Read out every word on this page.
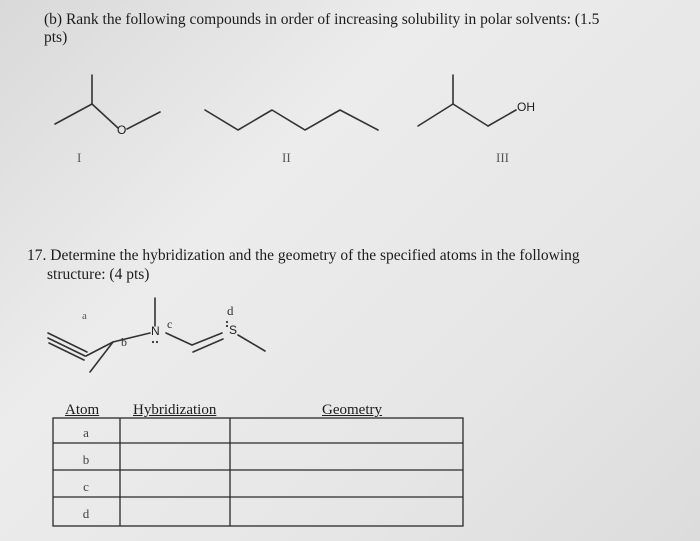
(b) Rank the following compounds in order of increasing solubility in polar solvents: (1.5
pts)
O
OH
I	II	III
17. Determine the hybridization and the geometry of the specified atoms in the following
structure: (4 pts)
a
b
c
d
N	S
Atom Hybridization	Geometry
a
b
c
d
